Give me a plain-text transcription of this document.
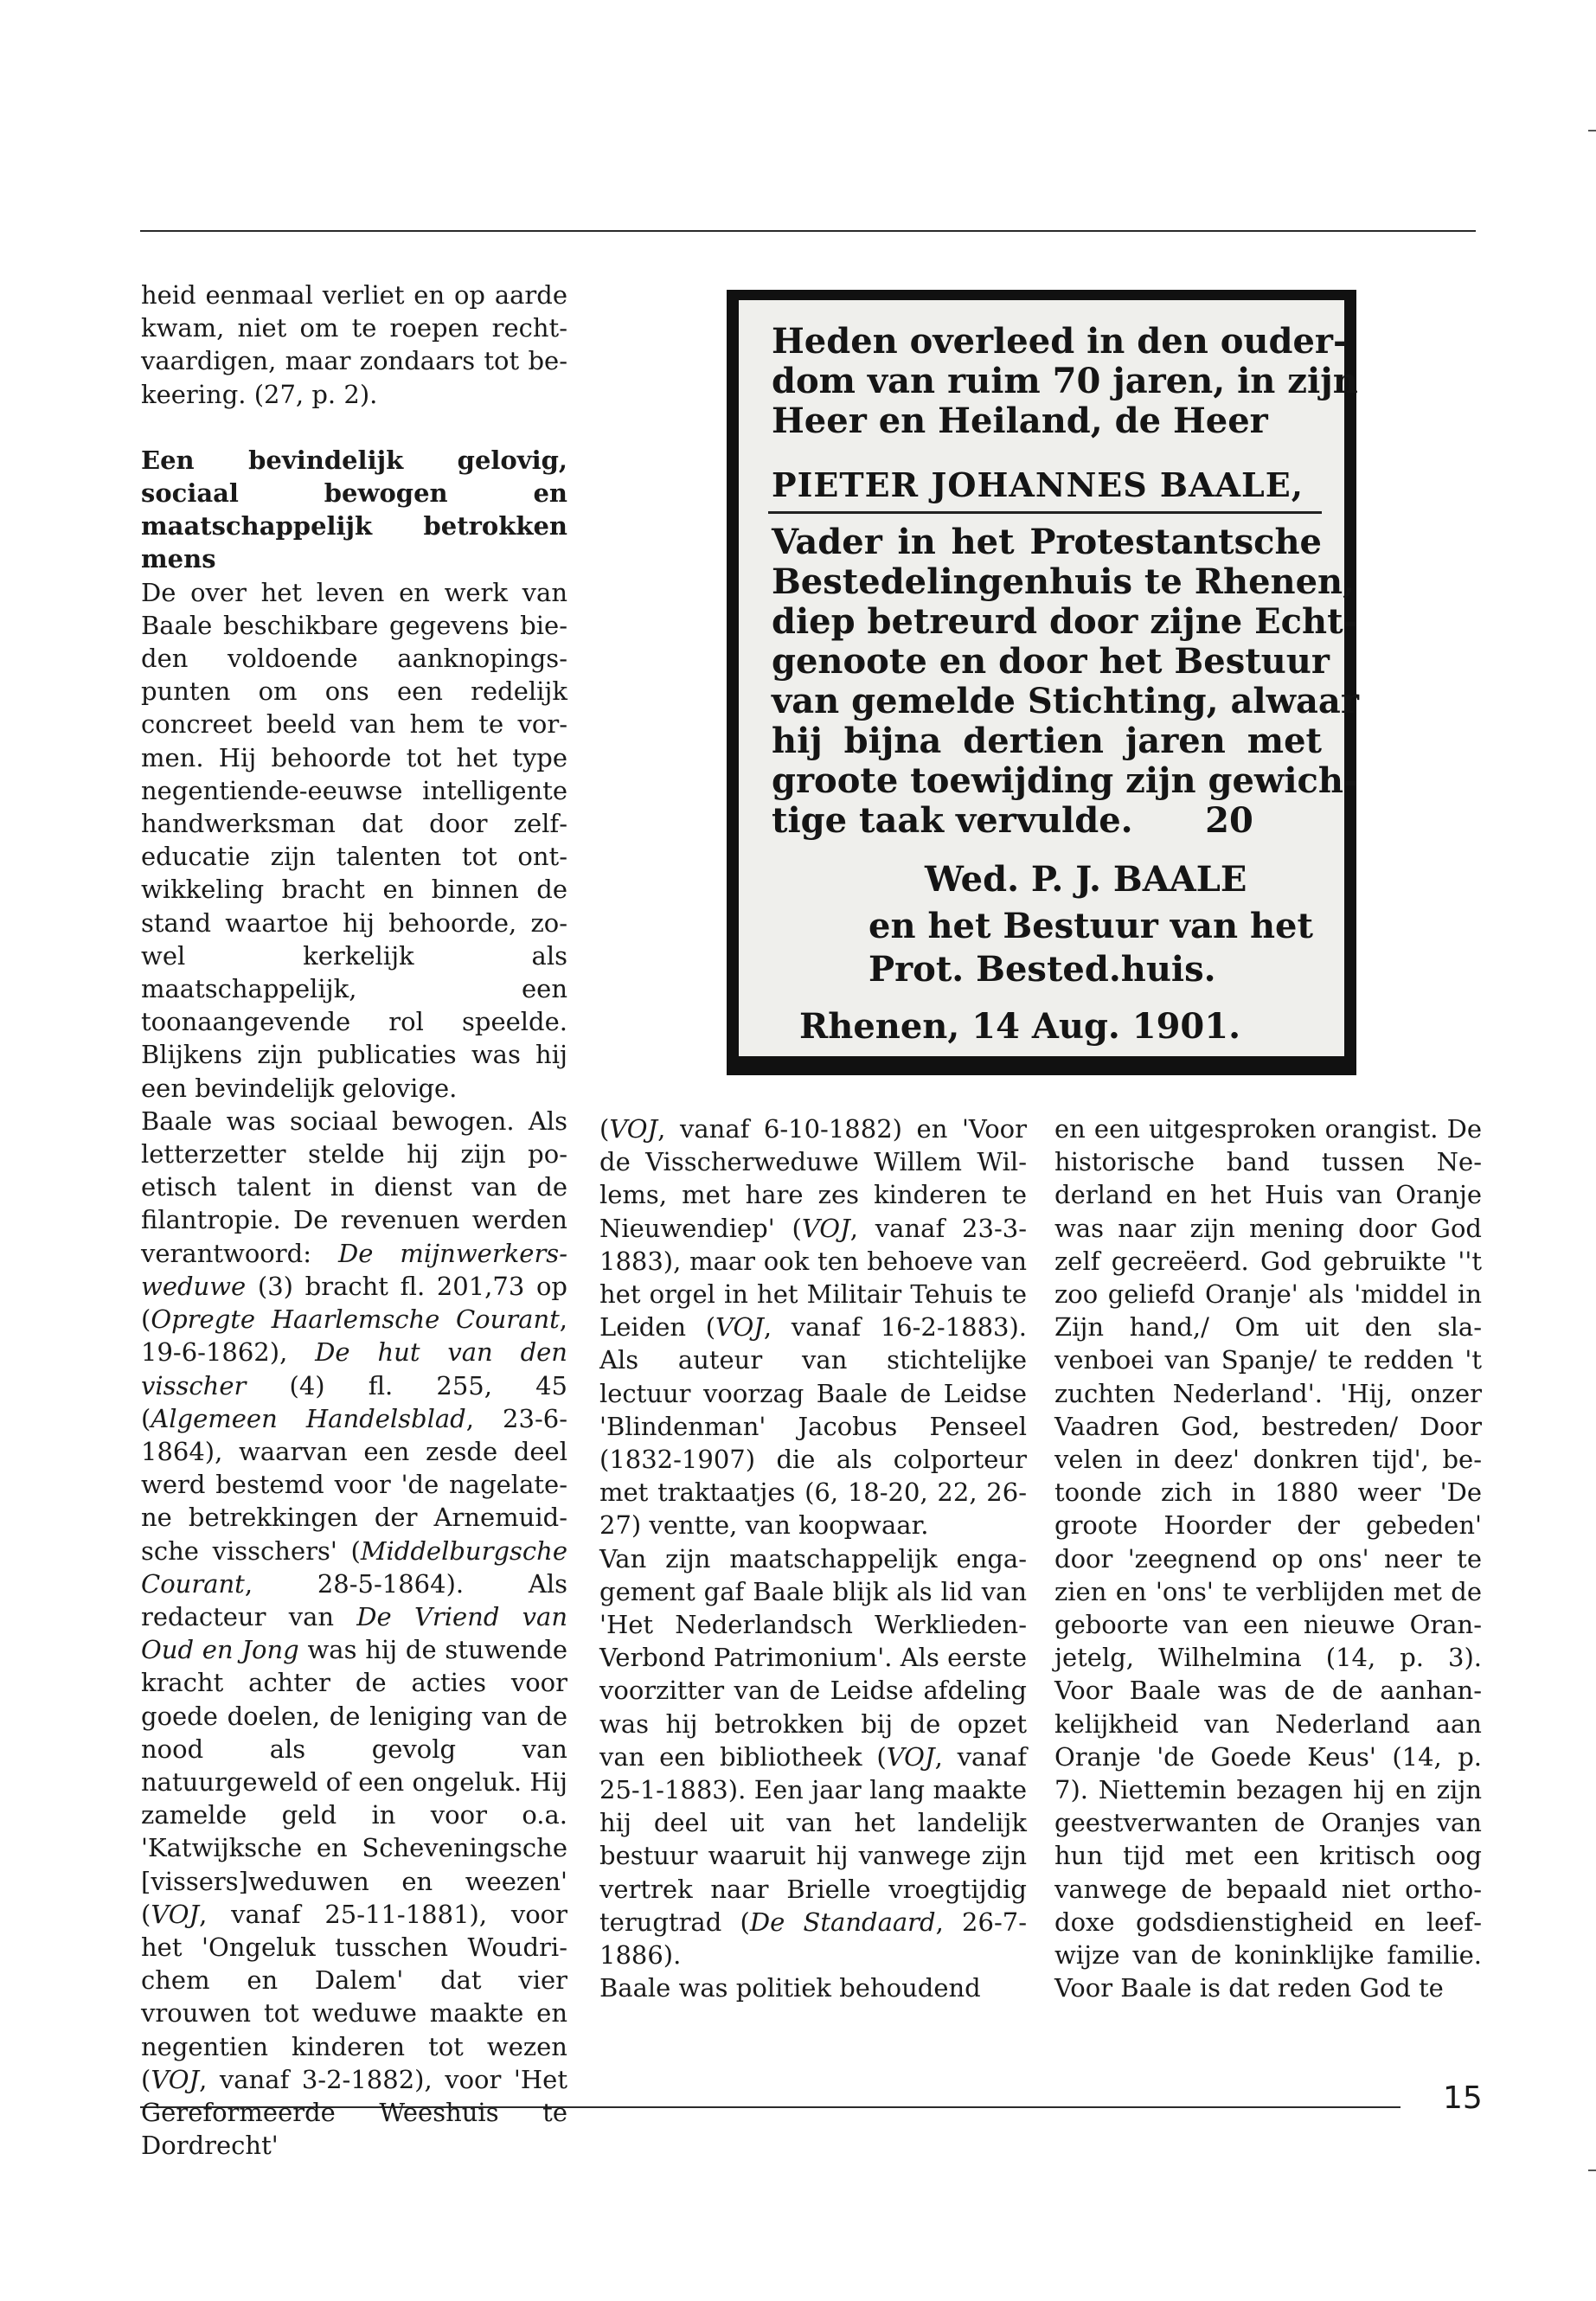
heid eenmaal verliet en op aarde kwam, niet om te roepen rechtvaardigen, maar zondaars tot bekeering. (27, p. 2).

Een bevindelijk gelovig, sociaal bewogen en maatschappelijk betrokken mens

De over het leven en werk van Baale beschikbare gegevens bieden voldoende aanknopingspunten om ons een redelijk concreet beeld van hem te vormen. Hij behoorde tot het type negentiende-eeuwse intelligente handwerksman dat door zelfeducatie zijn talenten tot ontwikkeling bracht en binnen de stand waartoe hij behoorde, zowel kerkelijk als maatschappelijk, een toonaangevende rol speelde. Blijkens zijn publicaties was hij een bevindelijk gelovige.

Baale was sociaal bewogen. Als letterzetter stelde hij zijn poetisch talent in dienst van de filantropie. De revenuen werden verantwoord: De mijnwerkersweduwe (3) bracht fl. 201,73 op (Opregte Haarlemsche Courant, 19-6-1862), De hut van den visscher (4) fl. 255, 45 (Algemeen Handelsblad, 23-6-1864), waarvan een zesde deel werd bestemd voor 'de nagelatene betrekkingen der Arnemuidsche visschers' (Middelburgsche Courant, 28-5-1864). Als redacteur van De Vriend van Oud en Jong was hij de stuwende kracht achter de acties voor goede doelen, de leniging van de nood als gevolg van natuurgeweld of een ongeluk. Hij zamelde geld in voor o.a. 'Katwijksche en Scheveningsche [vissers]weduwen en weezen' (VOJ, vanaf 25-11-1881), voor het 'Ongeluk tusschen Woudrichem en Dalem' dat vier vrouwen tot weduwe maakte en negentien kinderen tot wezen (VOJ, vanaf 3-2-1882), voor 'Het Gereformeerde Weeshuis te Dordrecht'

Heden overleed in den ouder-
dom van ruim 70 jaren, in zijn
Heer en Heiland, de Heer
PIETER JOHANNES BAALE,
Vader in het Protestantsche
Bestedelingenhuis te Rhenen,
diep betreurd door zijne Echt-
genoote en door het Bestuur
van gemelde Stichting, alwaar
hij bijna dertien jaren met
groote toewijding zijn gewich-
tige taak vervulde.      20
Wed. P. J. BAALE
en het Bestuur van het
Prot. Bested.huis.
Rhenen, 14 Aug. 1901.

(VOJ, vanaf 6-10-1882) en 'Voor de Visscherweduwe Willem Willems, met hare zes kinderen te Nieuwendiep' (VOJ, vanaf 23-3-1883), maar ook ten behoeve van het orgel in het Militair Tehuis te Leiden (VOJ, vanaf 16-2-1883). Als auteur van stichtelijke lectuur voorzag Baale de Leidse 'Blindenman' Jacobus Penseel (1832-1907) die als colporteur met traktaatjes (6, 18-20, 22, 26-27) ventte, van koopwaar.

Van zijn maatschappelijk engagement gaf Baale blijk als lid van 'Het Nederlandsch Werklieden-Verbond Patrimonium'. Als eerste voorzitter van de Leidse afdeling was hij betrokken bij de opzet van een bibliotheek (VOJ, vanaf 25-1-1883). Een jaar lang maakte hij deel uit van het landelijk bestuur waaruit hij vanwege zijn vertrek naar Brielle vroegtijdig terugtrad (De Standaard, 26-7-1886).

Baale was politiek behoudend

en een uitgesproken orangist. De historische band tussen Nederland en het Huis van Oranje was naar zijn mening door God zelf gecreëerd. God gebruikte ''t zoo geliefd Oranje' als 'middel in Zijn hand,/ Om uit den slavenboei van Spanje/ te redden 't zuchten Nederland'. 'Hij, onzer Vaadren God, bestreden/ Door velen in deez' donkren tijd', betoonde zich in 1880 weer 'De groote Hoorder der gebeden' door 'zeegnend op ons' neer te zien en 'ons' te verblijden met de geboorte van een nieuwe Oranjetelg, Wilhelmina (14, p. 3). Voor Baale was de de aanhankelijkheid van Nederland aan Oranje 'de Goede Keus' (14, p. 7). Niettemin bezagen hij en zijn geestverwanten de Oranjes van hun tijd met een kritisch oog vanwege de bepaald niet orthodoxe godsdienstigheid en leefwijze van de koninklijke familie. Voor Baale is dat reden God te

15
